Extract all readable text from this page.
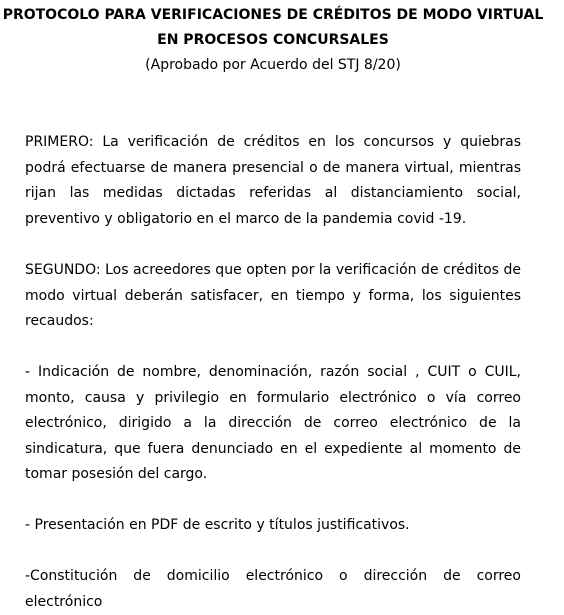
PROTOCOLO PARA VERIFICACIONES DE CRÉDITOS DE MODO VIRTUAL EN PROCESOS CONCURSALES
(Aprobado por Acuerdo del STJ 8/20)

PRIMERO: La verificación de créditos en los concursos y quiebras podrá efectuarse de manera presencial o de manera virtual, mientras rijan las medidas dictadas referidas al distanciamiento social, preventivo y obligatorio en el marco de la pandemia covid -19.

SEGUNDO: Los acreedores que opten por la verificación de créditos de modo virtual deberán satisfacer, en tiempo y forma, los siguientes recaudos:

- Indicación de nombre, denominación, razón social , CUIT o CUIL, monto, causa y privilegio en formulario electrónico o vía correo electrónico, dirigido a la dirección de correo electrónico de la sindicatura, que fuera denunciado en el expediente al momento de tomar posesión del cargo.

- Presentación en PDF de escrito y títulos justificativos.

-Constitución de domicilio electrónico o dirección de correo electrónico
